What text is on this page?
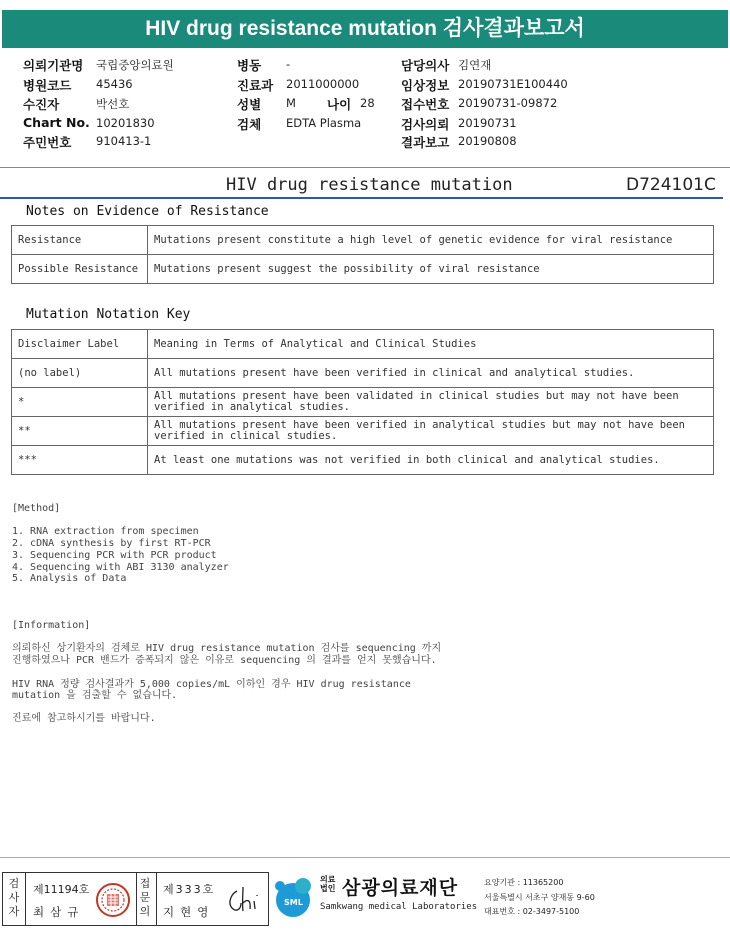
HIV drug resistance mutation 검사결과보고서
의뢰기관명 국립중앙의료원
병원코드 45436
수진자	박선호
Chart No. 10201830
주민번호 910413-1
병동 -
진료과 2011000000
성별 M 나이 28
검체 EDTA Plasma
담당의사 김연재
임상정보 20190731E100440
접수번호 20190731-09872
검사의뢰 20190731
결과보고 20190808
HIV drug resistance mutation	D724101C
Notes on Evidence of Resistance
Resistance	Mutations present constitute a high level of genetic evidence for viral resistance
Possible Resistance	Mutations present suggest the possibility of viral resistance
Mutation Notation Key
Disclaimer Label	Meaning in Terms of Analytical and Clinical Studies
(no label)	All mutations present have been verified in clinical and analytical studies.
*	All mutations present have been validated in clinical studies but may not have been verified in analytical studies.
**	All mutations present have been verified in analytical studies but may not have been verified in clinical studies.
***	At least one mutations was not verified in both clinical and analytical studies.
[Method]
1. RNA extraction from specimen
2. cDNA synthesis by first RT-PCR
3. Sequencing PCR with PCR product
4. Sequencing with ABI 3130 analyzer
5. Analysis of Data
[Information]
의뢰하신 상기환자의 검체로 HIV drug resistance mutation 검사를 sequencing 까지
진행하였으나 PCR 밴드가 증폭되지 않은 이유로 sequencing 의 결과를 얻지 못했습니다.
HIV RNA 정량 검사결과가 5,000 copies/mL 이하인 경우 HIV drug resistance
mutation 을 검출할 수 없습니다.
진료에 참고하시기를 바랍니다.
검
사
자
제11194호
최삼규
접
문
의
제333호
지현영
SML
의료법인 삼광의료재단
Samkwang medical Laboratories
요양기관 : 11365200
서울특별시 서초구 양재동 9-60
대표번호 : 02-3497-5100
